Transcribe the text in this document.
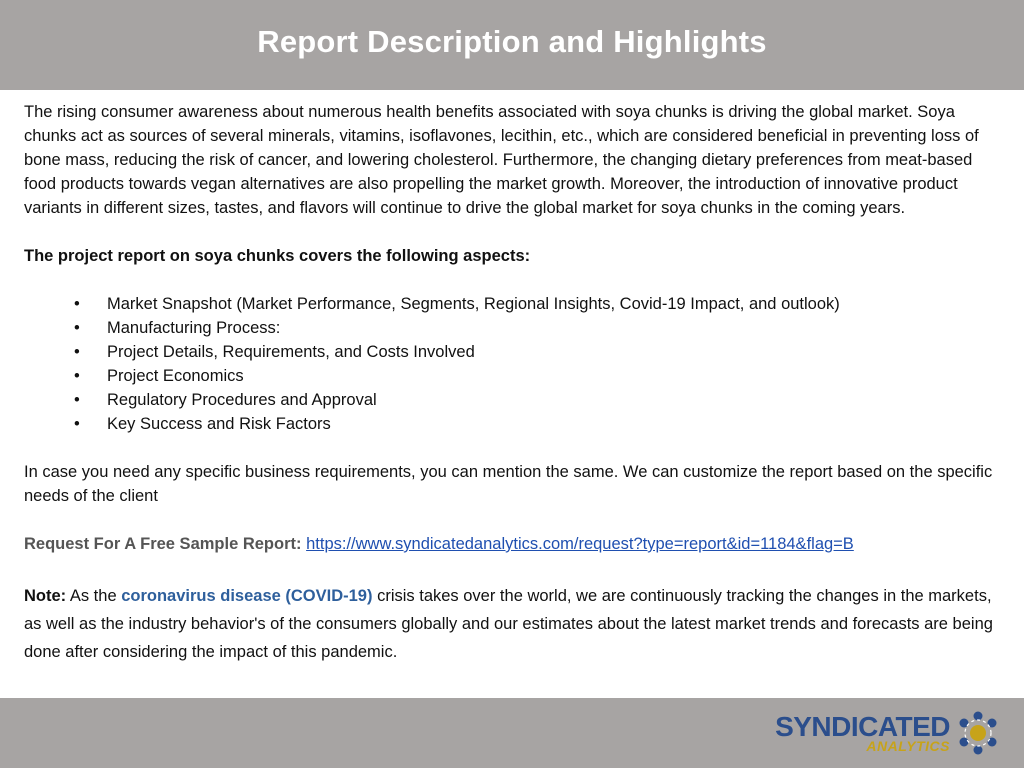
Report Description and Highlights

The rising consumer awareness about numerous health benefits associated with soya chunks is driving the global market. Soya chunks act as sources of several minerals, vitamins, isoflavones, lecithin, etc., which are considered beneficial in preventing loss of bone mass, reducing the risk of cancer, and lowering cholesterol. Furthermore, the changing dietary preferences from meat-based food products towards vegan alternatives are also propelling the market growth. Moreover, the introduction of innovative product variants in different sizes, tastes, and flavors will continue to drive the global market for soya chunks in the coming years.

The project report on soya chunks covers the following aspects:

• Market Snapshot (Market Performance, Segments, Regional Insights, Covid-19 Impact, and outlook)
• Manufacturing Process:
• Project Details, Requirements, and Costs Involved
• Project Economics
• Regulatory Procedures and Approval
• Key Success and Risk Factors

In case you need any specific business requirements, you can mention the same. We can customize the report based on the specific needs of the client

Request For A Free Sample Report: https://www.syndicatedanalytics.com/request?type=report&id=1184&flag=B

Note: As the coronavirus disease (COVID-19) crisis takes over the world, we are continuously tracking the changes in the markets, as well as the industry behavior's of the consumers globally and our estimates about the latest market trends and forecasts are being done after considering the impact of this pandemic.

SYNDICATED
ANALYTICS
